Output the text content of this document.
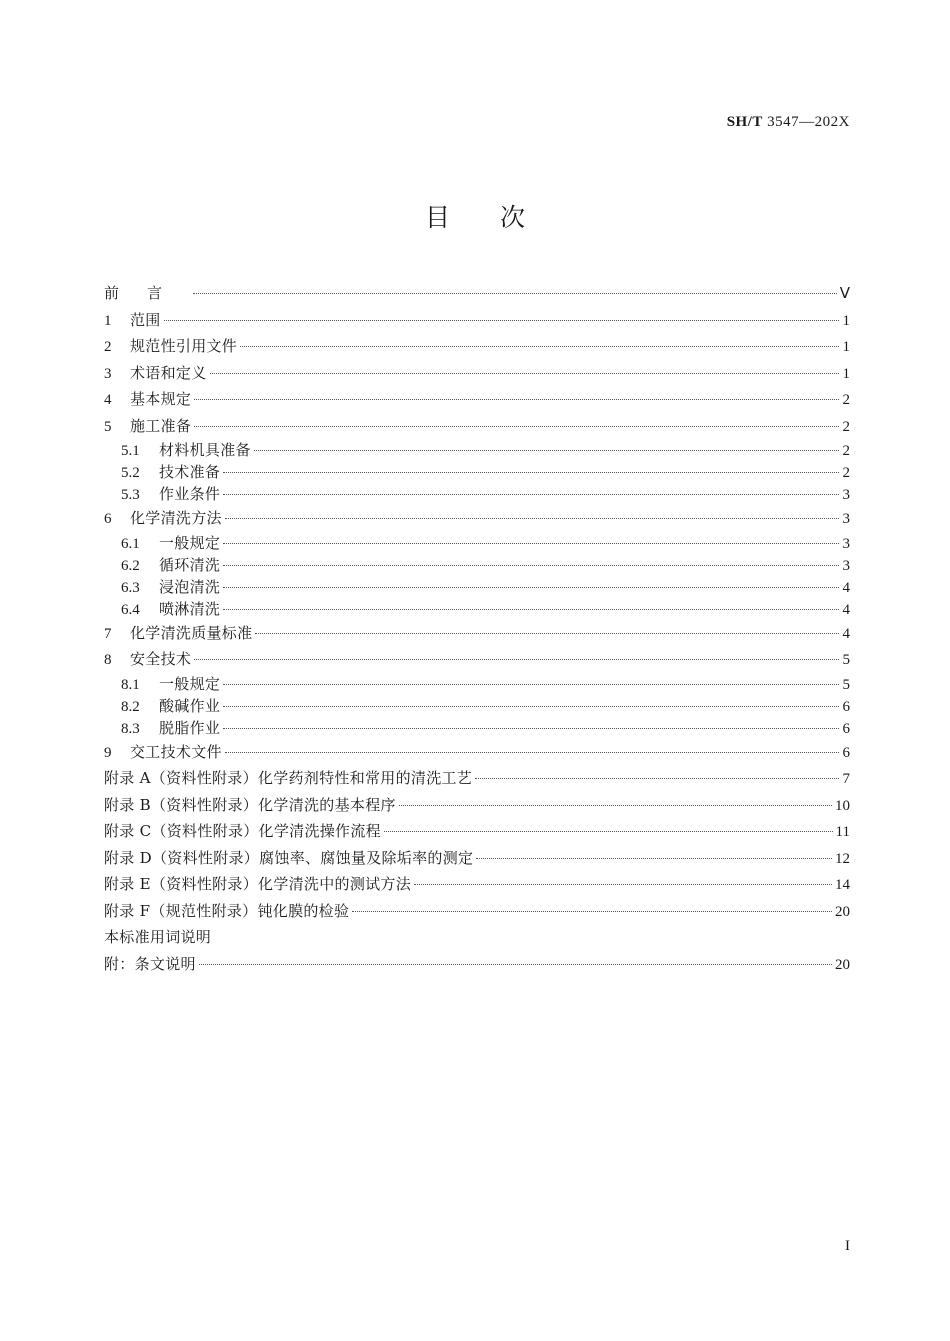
SH/T 3547—202X
目次
前言	Ⅴ
1	范围	1
2	规范性引用文件	1
3	术语和定义	1
4	基本规定	2
5	施工准备	2
5.1	材料机具准备	2
5.2	技术准备	2
5.3	作业条件	3
6	化学清洗方法	3
6.1	一般规定	3
6.2	循环清洗	3
6.3	浸泡清洗	4
6.4	喷淋清洗	4
7	化学清洗质量标准	4
8	安全技术	5
8.1	一般规定	5
8.2	酸碱作业	6
8.3	脱脂作业	6
9	交工技术文件	6
附录 A（资料性附录）化学药剂特性和常用的清洗工艺	7
附录 B（资料性附录）化学清洗的基本程序	10
附录 C（资料性附录）化学清洗操作流程	11
附录 D（资料性附录）腐蚀率、腐蚀量及除垢率的测定	12
附录 E（资料性附录）化学清洗中的测试方法	14
附录 F（规范性附录）钝化膜的检验	20
本标准用词说明
附：条文说明	20
I
